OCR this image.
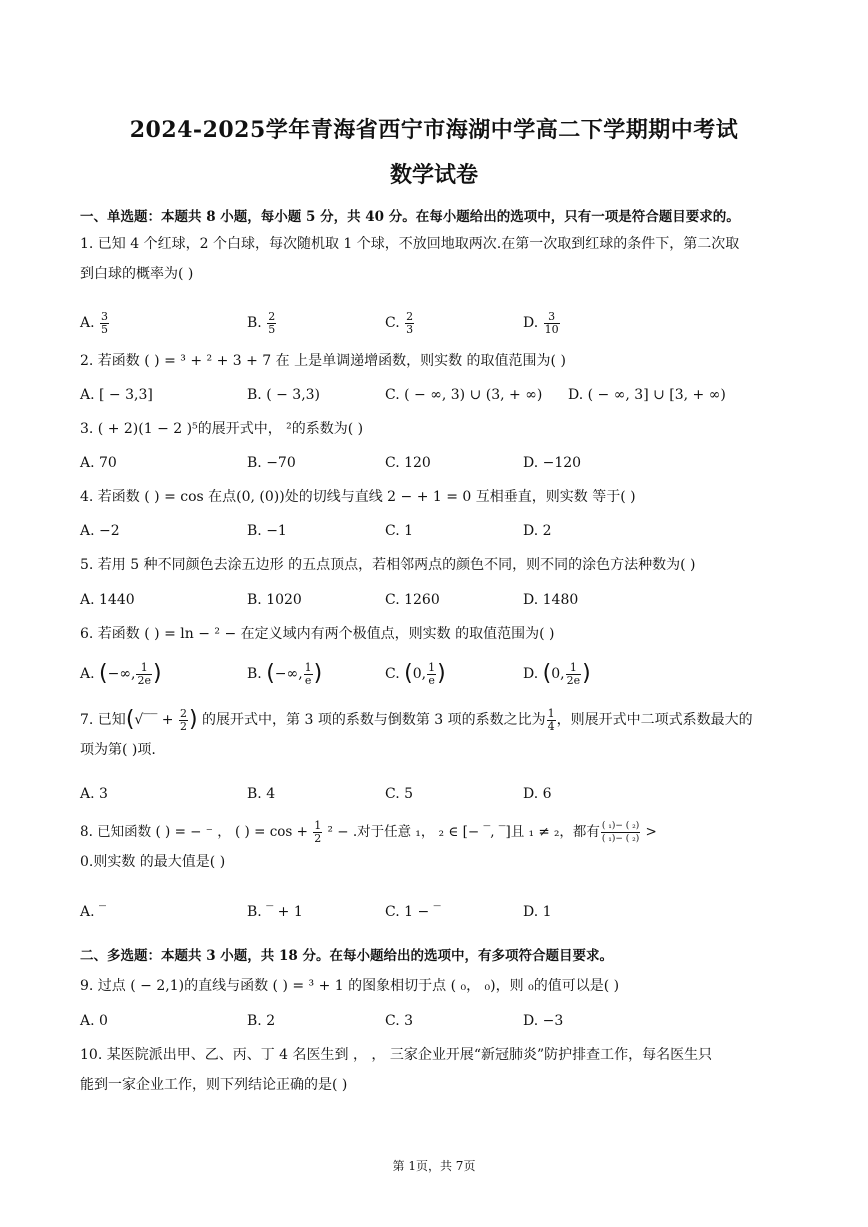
2024-2025学年青海省西宁市海湖中学高二下学期期中考试
数学试卷
一、单选题：本题共 8 小题，每小题 5 分，共 40 分。在每小题给出的选项中，只有一项是符合题目要求的。

1. 已知 4 个红球，2 个白球，每次随机取 1 个球，不放回地取两次.在第一次取到红球的条件下，第二次取

到白球的概率为( )

A. $\frac{3}{5}$	B. $\frac{2}{5}$	C. $\frac{2}{3}$	D. $\frac{3}{10}$

2. 若函数 ( ) = ³ + ² + 3 + 7 在 上是单调递增函数，则实数 的取值范围为( )

A. [ − 3,3]	B. ( − 3,3)	C. ( − ∞, 3) ∪ (3, + ∞) D. ( − ∞, 3] ∪ [3, + ∞)

3. ( + 2)(1 − 2 )⁵的展开式中， ²的系数为( )

A. 70	B. −70	C. 120	D. −120

4. 若函数 ( ) = cos 在点(0, (0))处的切线与直线 2 − + 1 = 0 互相垂直，则实数 等于( )

A. −2	B. −1	C. 1	D. 2

5. 若用 5 种不同颜色去涂五边形 的五点顶点，若相邻两点的颜色不同，则不同的涂色方法种数为( )

A. 1440	B. 1020	C. 1260	D. 1480

6. 若函数 ( ) = ln − ² − 在定义域内有两个极值点，则实数 的取值范围为( )

A. (−∞, $\frac{1}{2e}$ )	B. (−∞, $\frac{1}{e}$ )	C. (0, $\frac{1}{e}$ )	D. (0, $\frac{1}{2e}$ )

7. 已知(√‾‾ + $\frac{2}{2}$ ) 的展开式中，第 3 项的系数与倒数第 3 项的系数之比为 $\frac{1}{4}$ ，则展开式中二项式系数最大的

项为第( )项.

A. 3	B. 4	C. 5	D. 6

8. 已知函数 ( ) = − ⁻ ， ( ) = $\cos + \frac{1}{2} ^2$ − .对于任意 ₁， ₂ ∈ [− ‾, ‾]且 ₁ ≠ ₂，都有 $\frac{\text{( ₁)− ( ₂)}}{\text{( ₁)− ( ₂)}}$ >

0.则实数 的最大值是( )

A. ‾	B. ‾ + 1	C. 1 − ‾	D. 1
二、多选题：本题共 3 小题，共 18 分。在每小题给出的选项中，有多项符合题目要求。

9. 过点 ( − 2,1)的直线与函数 ( ) = ³ + 1 的图象相切于点 ( ₀， ₀)，则 ₀的值可以是( )

A. 0	B. 2	C. 3	D. −3

10. 某医院派出甲、乙、丙、丁 4 名医生到 ， ， 三家企业开展“新冠肺炎”防护排查工作，每名医生只

能到一家企业工作，则下列结论正确的是( )

第 1页，共 7页
